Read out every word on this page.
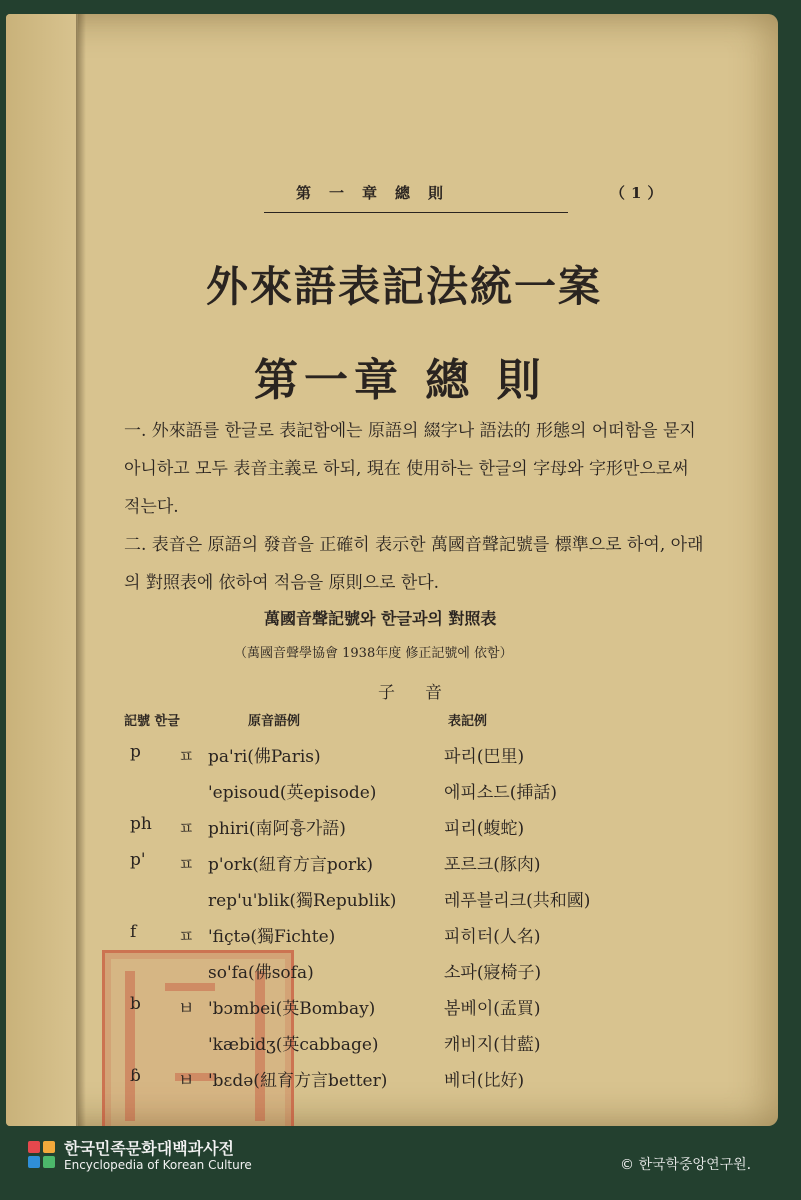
第一章總則	（1）
外來語表記法統一案
第一章 總 則
一. 外來語를 한글로 表記함에는 原語의 綴字나 語法的 形態의 어떠함을 묻지 아니하고 모두 表音主義로 하되, 現在 使用하는 한글의 字母와 字形만으로써 적는다.
二. 表音은 原語의 發音을 正確히 表示한 萬國音聲記號를 標準으로 하여, 아래의 對照表에 依하여 적음을 原則으로 한다.
萬國音聲記號와 한글과의 對照表
（萬國音聲學協會 1938年度 修正記號에 依함）
子音
記號 한글	原音語例	表記例
p ㅍ pa'ri(佛Paris)	파리(巴里)
'episoud(英episode)	에피소드(挿話)
ph ㅍ phiri(南阿흉가語)	피리(蝮蛇)
p' ㅍ p'ork(紐育方言pork)	포르크(豚肉)
rep'u'blik(獨Republik)	레푸블리크(共和國)
f ㅍ 'fiçtə(獨Fichte)	피히터(人名)
so'fa(佛sofa)	소파(寢椅子)
b ㅂ 'bɔmbei(英Bombay)	봄베이(孟買)
'kæbidʒ(英cabbage)	캐비지(甘藍)
ɓ ㅂ 'bɛdə(紐育方言better)	베더(比好)
한국민족문화대백과사전
Encyclopedia of Korean Culture	© 한국학중앙연구원.
